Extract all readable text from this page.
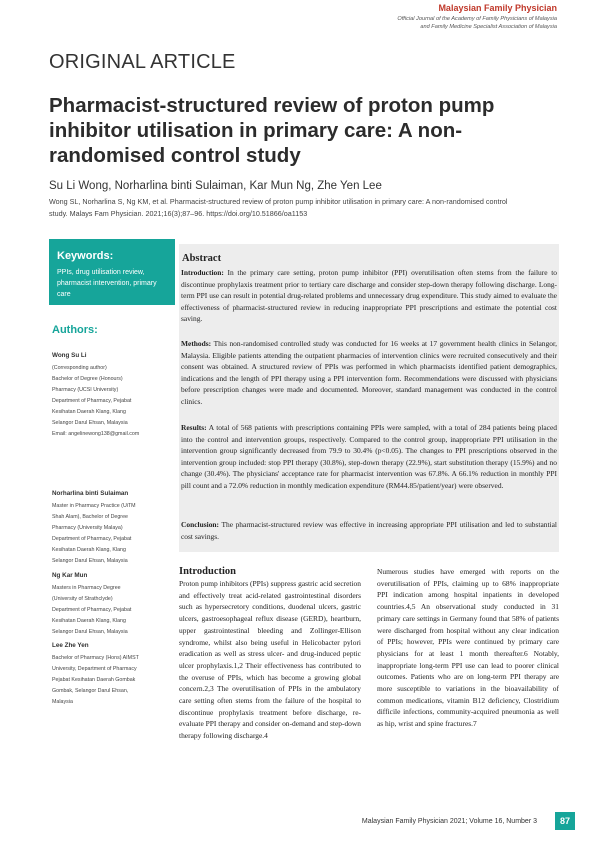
Malaysian Family Physician
Official Journal of the Academy of Family Physicians of Malaysia
and Family Medicine Specialist Association of Malaysia
ORIGINAL ARTICLE
Pharmacist-structured review of proton pump inhibitor utilisation in primary care: A non-randomised control study
Su Li Wong, Norharlina binti Sulaiman, Kar Mun Ng, Zhe Yen Lee
Wong SL, Norharlina S, Ng KM, et al. Pharmacist-structured review of proton pump inhibitor utilisation in primary care: A non-randomised control
study. Malays Fam Physician. 2021;16(3);87–96. https://doi.org/10.51866/oa1153
Keywords:
PPIs, drug utilisation review, pharmacist intervention, primary care
Authors:
Wong Su Li
(Corresponding author)
Bachelor of Degree (Honours)
Pharmacy (UCSI University)
Department of Pharmacy, Pejabat
Kesihatan Daerah Klang, Klang
Selangor Darul Ehsan, Malaysia
Email: angelinewong138@gmail.com
Norharlina binti Sulaiman
Master in Pharmacy Practice (UiTM
Shah Alam), Bachelor of Degree
Pharmacy (University Malaya)
Department of Pharmacy, Pejabat
Kesihatan Daerah Klang, Klang
Selangor Darul Ehsan, Malaysia
Ng Kar Mun
Masters in Pharmacy Degree
(University of Strathclyde)
Department of Pharmacy, Pejabat
Kesihatan Daerah Klang, Klang
Selangor Darul Ehsan, Malaysia
Lee Zhe Yen
Bachelor of Pharmacy (Hons) AIMST
University, Department of Pharmacy
Pejabat Kesihatan Daerah Gombak
Gombak, Selangor Darul Ehsan,
Malaysia
Abstract

Introduction: In the primary care setting, proton pump inhibitor (PPI) overutilisation often stems from the failure to discontinue prophylaxis treatment prior to tertiary care discharge and consider step-down therapy following discharge. Long-term PPI use can result in potential drug-related problems and unnecessary drug expenditure. This study aimed to evaluate the effectiveness of pharmacist-structured review in reducing inappropriate PPI prescriptions and estimate the potential cost saving.

Methods: This non-randomised controlled study was conducted for 16 weeks at 17 government health clinics in Selangor, Malaysia. Eligible patients attending the outpatient pharmacies of intervention clinics were recruited consecutively and their consent was obtained. A structured review of PPIs was performed in which pharmacists identified patient demographics, indications and the length of PPI therapy using a PPI intervention form. Recommendations were discussed with physicians before prescription changes were made and documented. Moreover, standard management was conducted in the control clinics.

Results: A total of 568 patients with prescriptions containing PPIs were sampled, with a total of 284 patients being placed into the control and intervention groups, respectively. Compared to the control group, inappropriate PPI utilisation in the intervention group significantly decreased from 79.9 to 30.4% (p<0.05). The changes to PPI prescriptions observed in the intervention group included: stop PPI therapy (30.8%), step-down therapy (22.9%), start substitution therapy (15.9%) and no change (30.4%). The physicians' acceptance rate for pharmacist intervention was 67.8%. A 66.1% reduction in monthly PPI pill count and a 72.0% reduction in monthly medication expenditure (RM44.85/patient/year) were observed.

Conclusion: The pharmacist-structured review was effective in increasing appropriate PPI utilisation and led to substantial cost savings.

Introduction

Proton pump inhibitors (PPIs) suppress gastric acid secretion and effectively treat acid-related gastrointestinal disorders such as hypersecretory conditions, duodenal ulcers, gastric ulcers, gastroesophageal reflux disease (GERD), heartburn, upper gastrointestinal bleeding and Zollinger-Ellison syndrome, whilst also being useful in Helicobacter pylori eradication as well as stress ulcer- and drug-induced peptic ulcer prophylaxis.1,2 Their effectiveness has contributed to the overuse of PPIs, which has become a growing global concern.2,3 The overutilisation of PPIs in the ambulatory care setting often stems from the failure of the hospital to discontinue prophylaxis treatment before discharge, re-evaluate PPI therapy and consider on-demand and step-down therapy following discharge.4

Numerous studies have emerged with reports on the overutilisation of PPIs, claiming up to 68% inappropriate PPI indication among hospital inpatients in developed countries.4,5 An observational study conducted in 31 primary care settings in Germany found that 58% of patients were discharged from hospital without any clear indication of PPIs; however, PPIs were continued by primary care physicians for at least 1 month thereafter.6 Notably, inappropriate long-term PPI use can lead to poorer clinical outcomes. Patients who are on long-term PPI therapy are more susceptible to variations in the bioavailability of common medications, vitamin B12 deficiency, Clostridium difficile infections, community-acquired pneumonia as well as hip, wrist and spine fractures.7

Malaysian Family Physician 2021; Volume 16, Number 3	87
